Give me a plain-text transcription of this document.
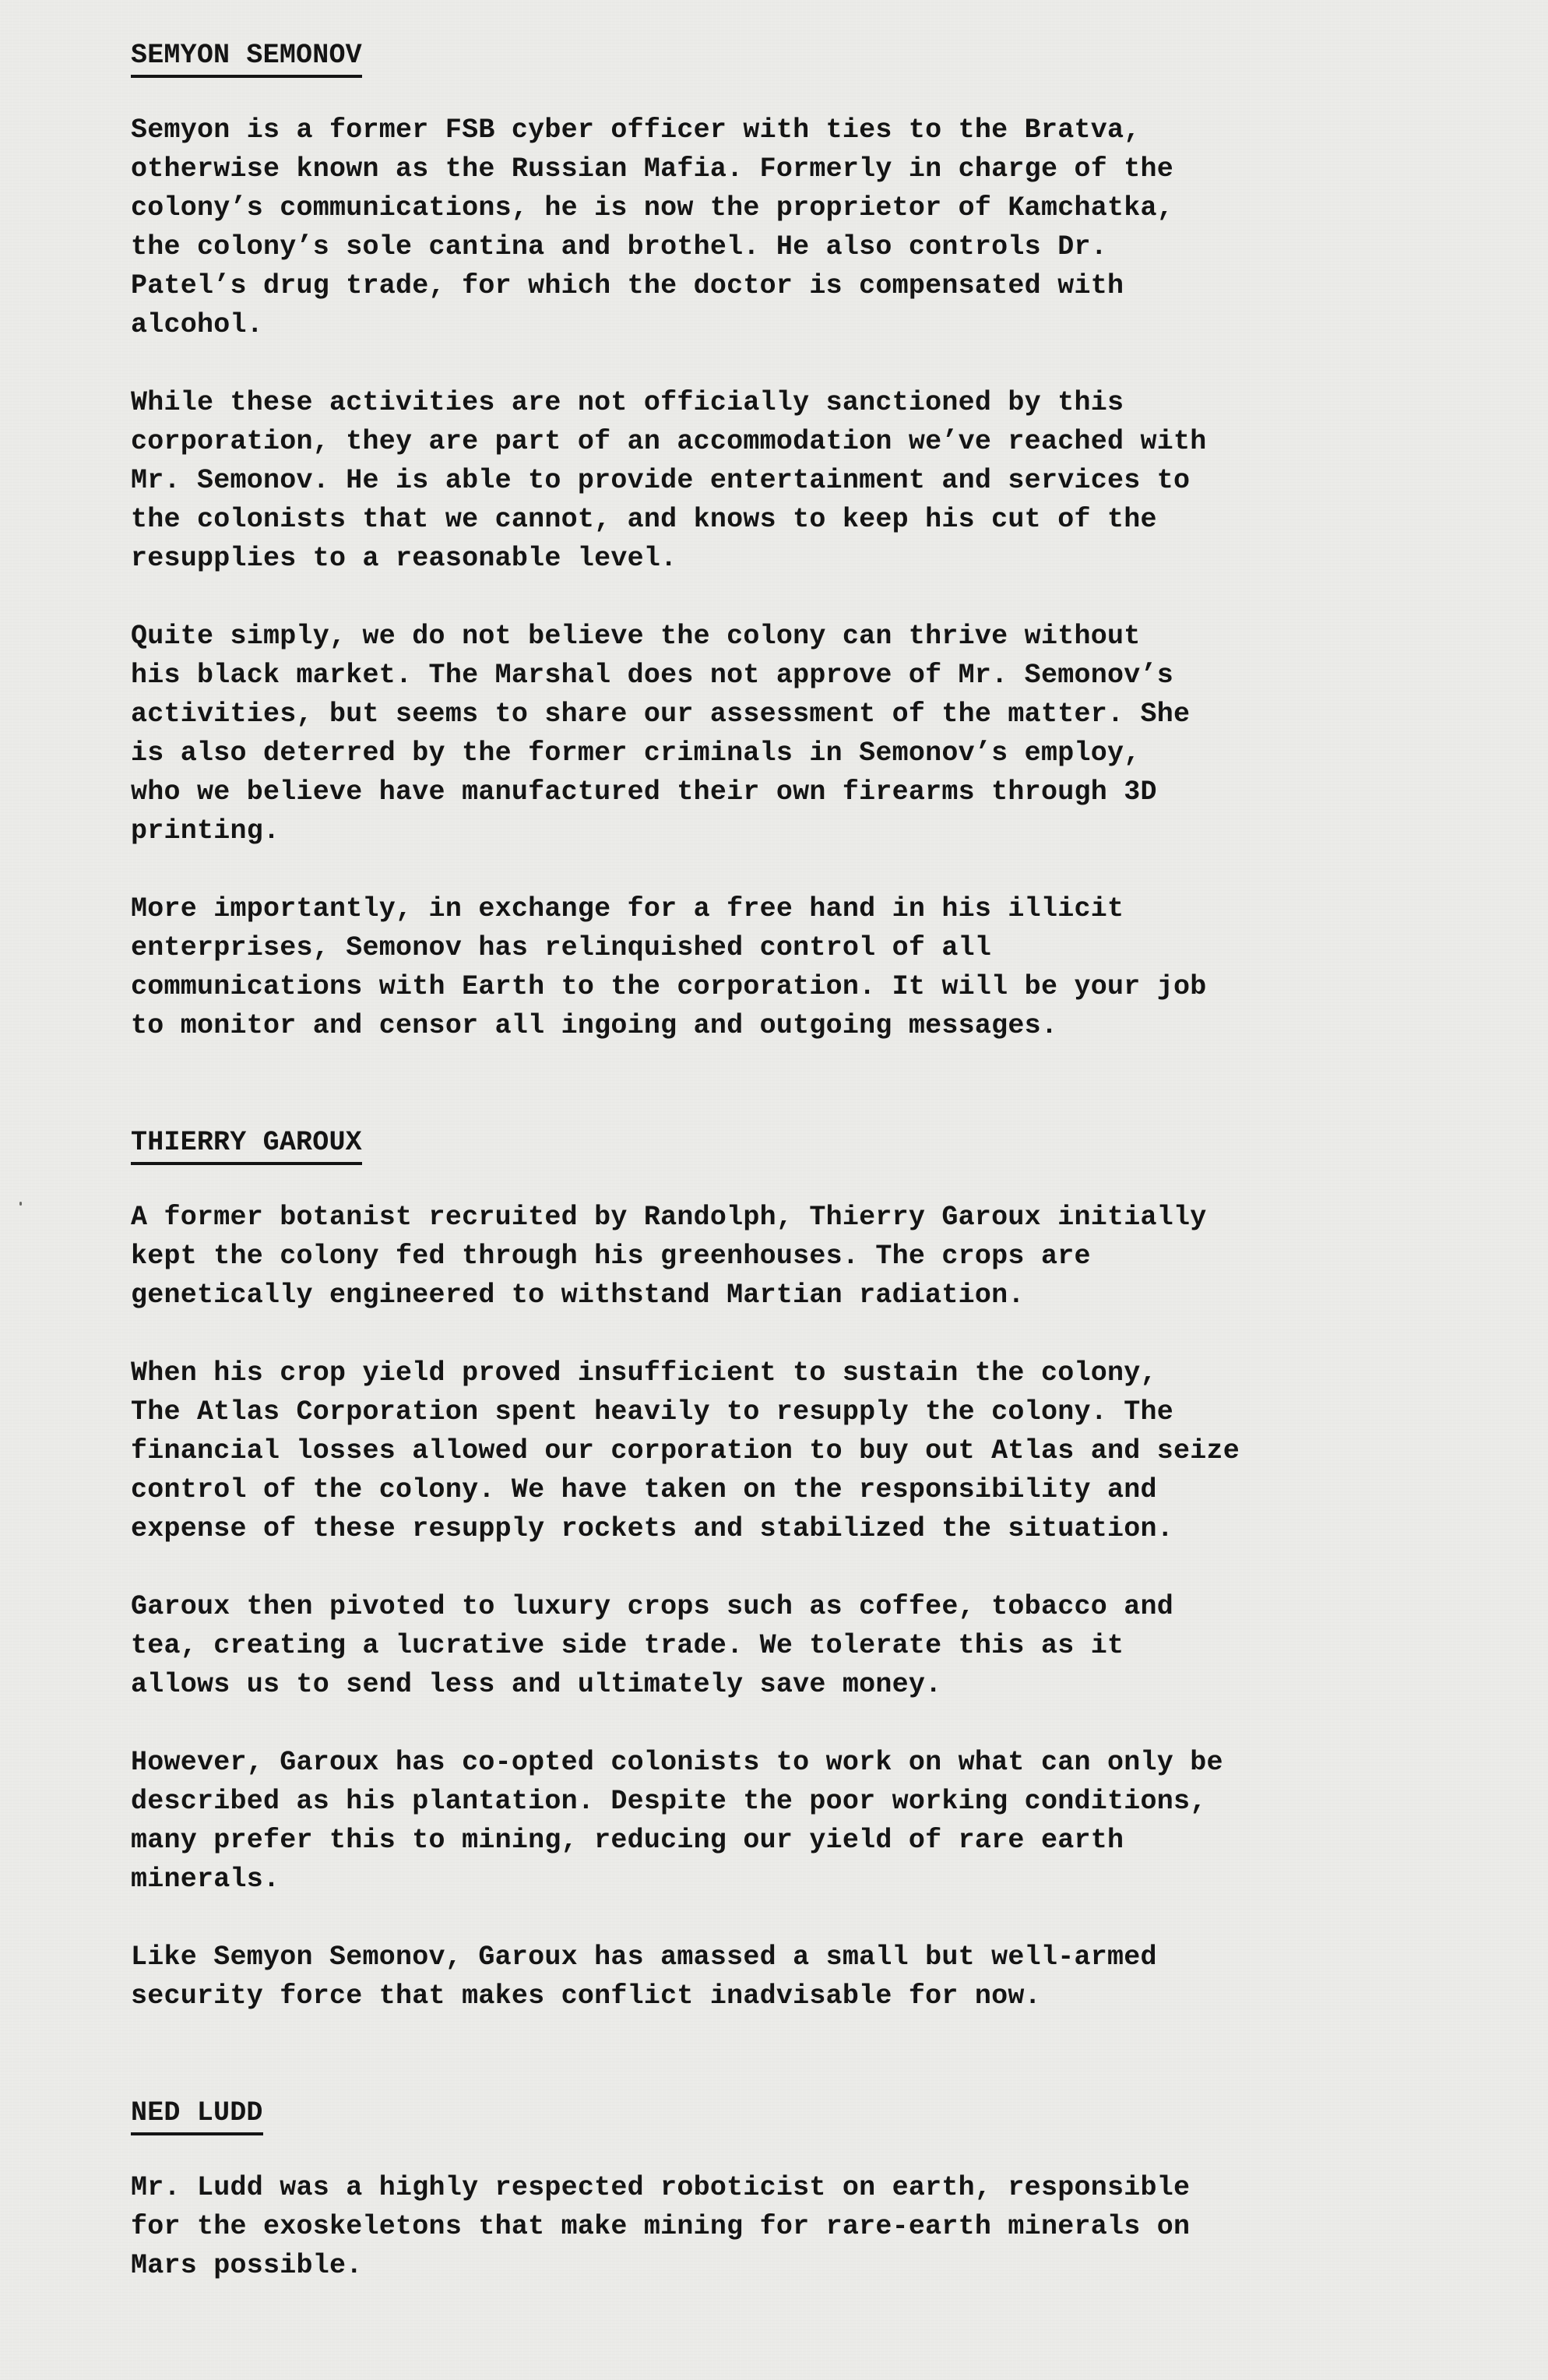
SEMYON SEMONOV

Semyon is a former FSB cyber officer with ties to the Bratva,
otherwise known as the Russian Mafia. Formerly in charge of the
colony’s communications, he is now the proprietor of Kamchatka,
the colony’s sole cantina and brothel. He also controls Dr.
Patel’s drug trade, for which the doctor is compensated with
alcohol.

While these activities are not officially sanctioned by this
corporation, they are part of an accommodation we’ve reached with
Mr. Semonov. He is able to provide entertainment and services to
the colonists that we cannot, and knows to keep his cut of the
resupplies to a reasonable level.

Quite simply, we do not believe the colony can thrive without
his black market. The Marshal does not approve of Mr. Semonov’s
activities, but seems to share our assessment of the matter. She
is also deterred by the former criminals in Semonov’s employ,
who we believe have manufactured their own firearms through 3D
printing.

More importantly, in exchange for a free hand in his illicit
enterprises, Semonov has relinquished control of all
communications with Earth to the corporation. It will be your job
to monitor and censor all ingoing and outgoing messages.

THIERRY GAROUX

A former botanist recruited by Randolph, Thierry Garoux initially
kept the colony fed through his greenhouses. The crops are
genetically engineered to withstand Martian radiation.

When his crop yield proved insufficient to sustain the colony,
The Atlas Corporation spent heavily to resupply the colony. The
financial losses allowed our corporation to buy out Atlas and seize
control of the colony. We have taken on the responsibility and
expense of these resupply rockets and stabilized the situation.

Garoux then pivoted to luxury crops such as coffee, tobacco and
tea, creating a lucrative side trade. We tolerate this as it
allows us to send less and ultimately save money.

However, Garoux has co-opted colonists to work on what can only be
described as his plantation. Despite the poor working conditions,
many prefer this to mining, reducing our yield of rare earth
minerals.

Like Semyon Semonov, Garoux has amassed a small but well-armed
security force that makes conflict inadvisable for now.

NED LUDD

Mr. Ludd was a highly respected roboticist on earth, responsible
for the exoskeletons that make mining for rare-earth minerals on
Mars possible.
